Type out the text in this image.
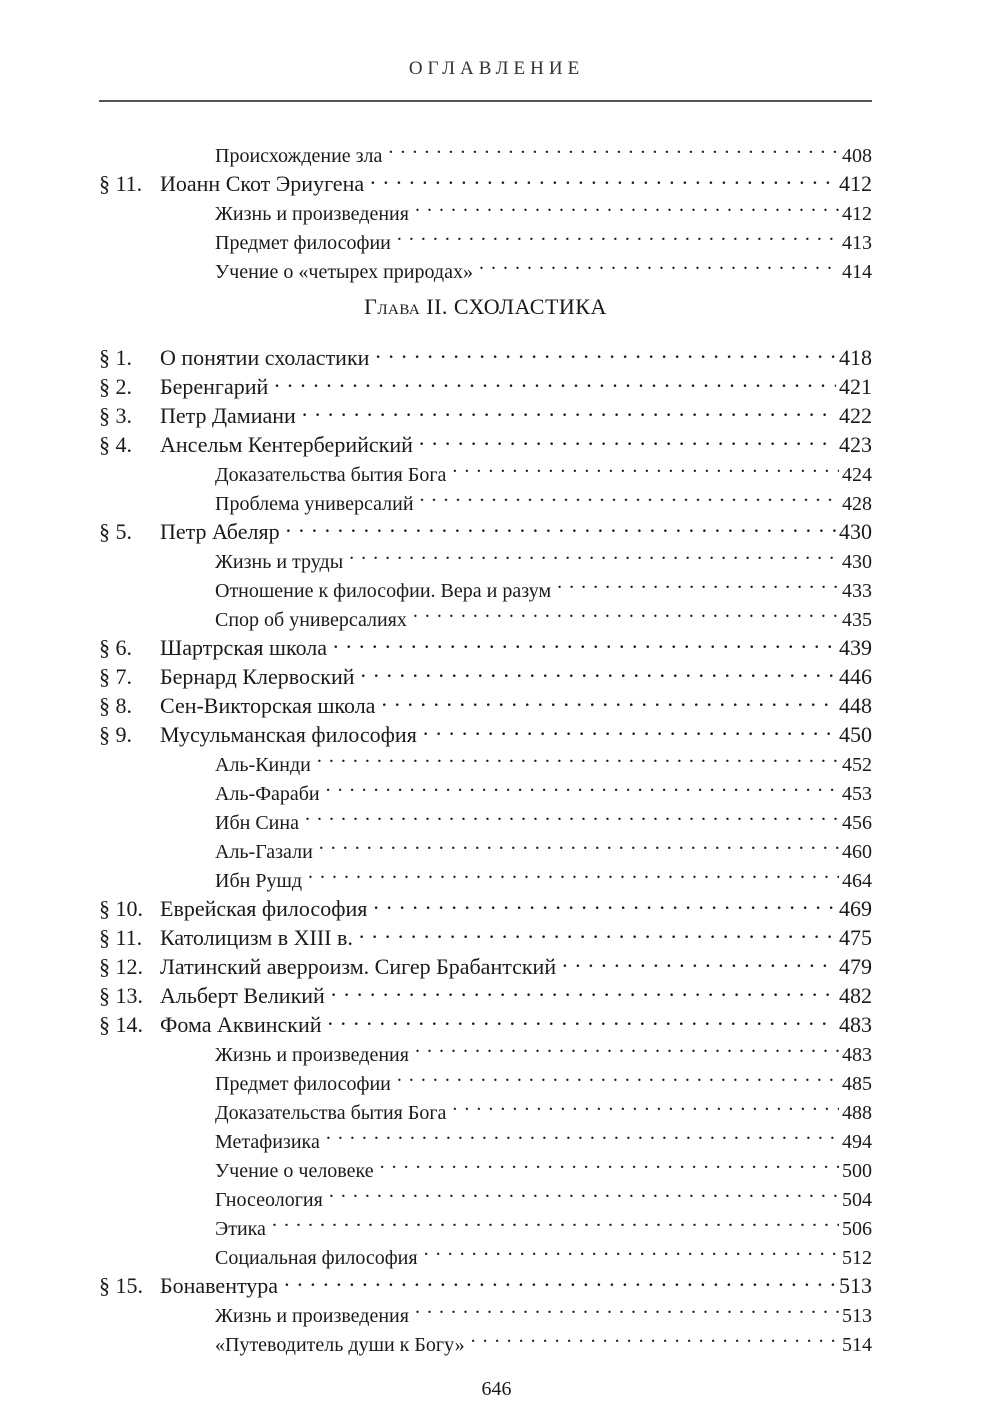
ОГЛАВЛЕНИЕ
Происхождение зла . . .	408
§ 11. Иоанн Скот Эриугена . . .	412
Жизнь и произведения . . .	412
Предмет философии . . .	413
Учение о «четырех природах» . . .	414
Глава II. СХОЛАСТИКА
§ 1.	О понятии схоластики . . .	418
§ 2.	Беренгарий . . .	421
§ 3.	Петр Дамиани . . .	422
§ 4.	Ансельм Кентерберийский . . .	423
Доказательства бытия Бога . . .	424
Проблема универсалий . . .	428
§ 5.	Петр Абеляр . . .	430
Жизнь и труды . . .	430
Отношение к философии. Вера и разум . . .	433
Спор об универсалиях . . .	435
§ 6.	Шартрская школа . . .	439
§ 7.	Бернард Клервоский . . .	446
§ 8.	Сен-Викторская школа . . .	448
§ 9.	Мусульманская философия . . .	450
Аль-Кинди . . .	452
Аль-Фараби . . .	453
Ибн Сина . . .	456
Аль-Газали . . .	460
Ибн Рушд . . .	464
§ 10. Еврейская философия . . .	469
§ 11. Католицизм в XIII в. . . .	475
§ 12. Латинский аверроизм. Сигер Брабантский . . .	479
§ 13. Альберт Великий . . .	482
§ 14. Фома Аквинский . . .	483
Жизнь и произведения . . .	483
Предмет философии . . .	485
Доказательства бытия Бога . . .	488
Метафизика . . .	494
Учение о человеке . . .	500
Гносеология . . .	504
Этика . . .	506
Социальная философия . . .	512
§ 15. Бонавентура . . .	513
Жизнь и произведения . . .	513
«Путеводитель души к Богу» . . .	514
646
